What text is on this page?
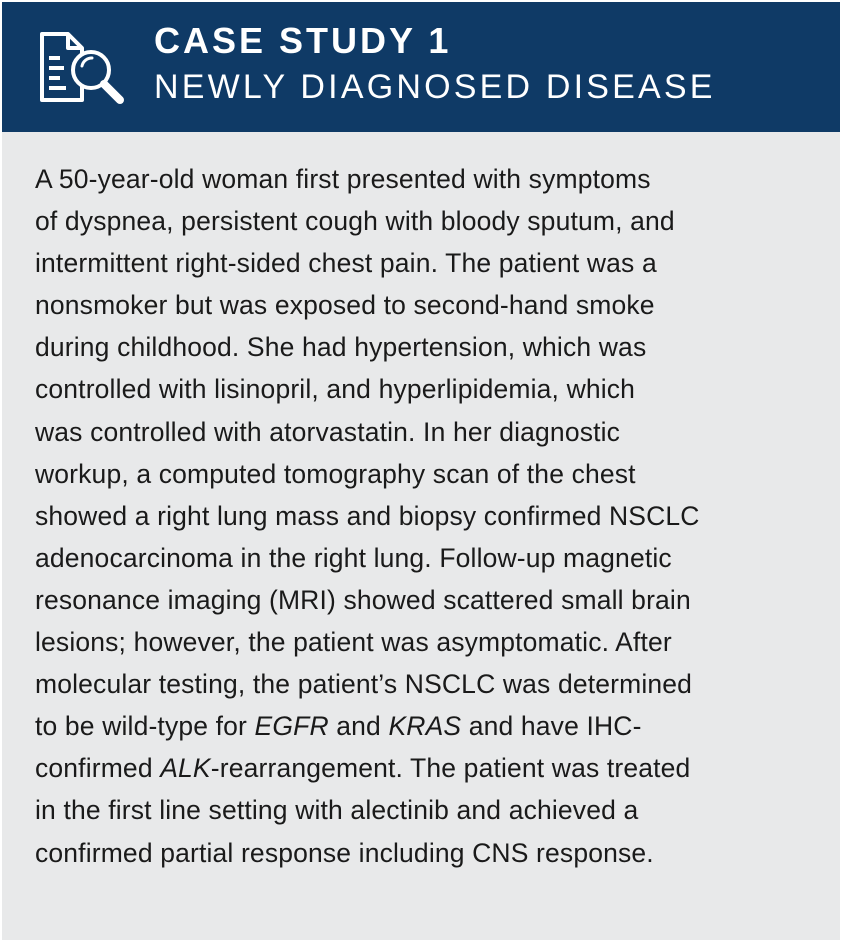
CASE STUDY 1
NEWLY DIAGNOSED DISEASE
A 50-year-old woman first presented with symptoms
of dyspnea, persistent cough with bloody sputum, and
intermittent right-sided chest pain. The patient was a
nonsmoker but was exposed to second-hand smoke
during childhood. She had hypertension, which was
controlled with lisinopril, and hyperlipidemia, which
was controlled with atorvastatin. In her diagnostic
workup, a computed tomography scan of the chest
showed a right lung mass and biopsy confirmed NSCLC
adenocarcinoma in the right lung. Follow-up magnetic
resonance imaging (MRI) showed scattered small brain
lesions; however, the patient was asymptomatic. After
molecular testing, the patient’s NSCLC was determined
to be wild-type for EGFR and KRAS and have IHC-
confirmed ALK-rearrangement. The patient was treated
in the first line setting with alectinib and achieved a
confirmed partial response including CNS response.
